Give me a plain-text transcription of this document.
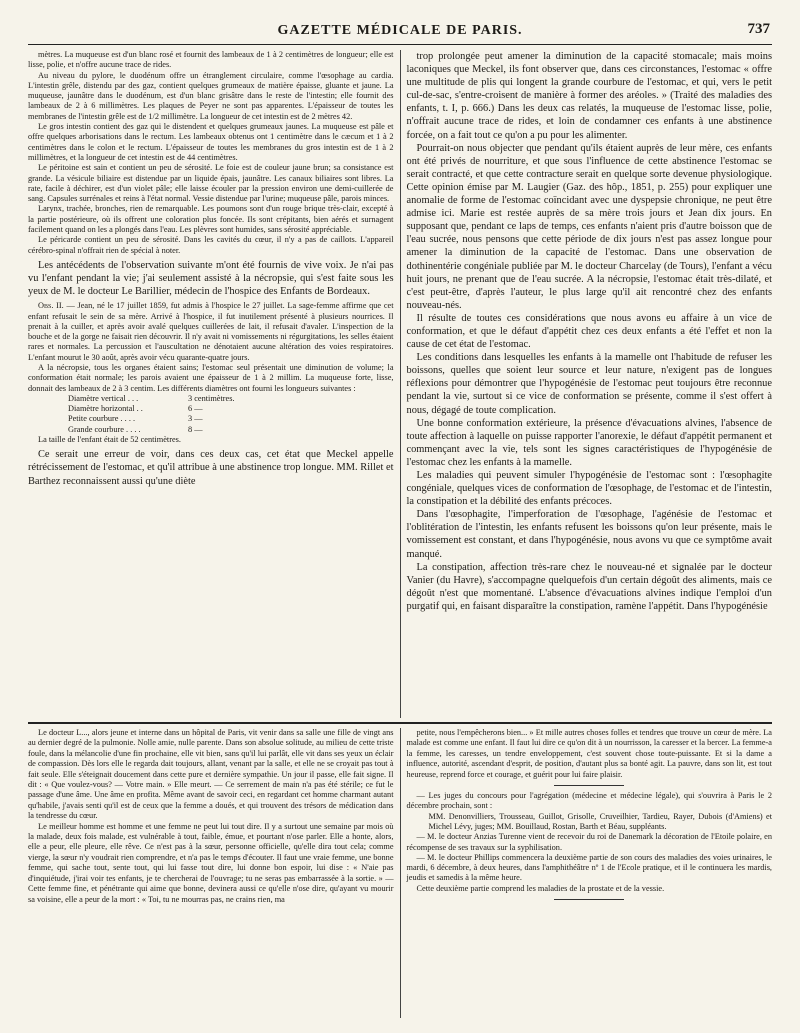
GAZETTE MÉDICALE DE PARIS.	737

mètres. La muqueuse est d'un blanc rosé et fournit des lambeaux de 1 à 2 centimètres de longueur; elle est lisse, polie, et n'offre aucune trace de rides.

Au niveau du pylore, le duodénum offre un étranglement circulaire, comme l'œsophage au cardia. L'intestin grêle, distendu par des gaz, contient quelques grumeaux de matière épaisse, gluante et jaune. La muqueuse, jaunâtre dans le duodénum, est d'un blanc grisâtre dans le reste de l'intestin; elle fournit des lambeaux de 2 à 6 millimètres. Les plaques de Peyer ne sont pas apparentes. L'épaisseur de toutes les membranes de l'intestin grêle est de 1/2 millimètre. La longueur de cet intestin est de 2 mètres 42.

Le gros intestin contient des gaz qui le distendent et quelques grumeaux jaunes. La muqueuse est pâle et offre quelques arborisations dans le rectum. Les lambeaux obtenus ont 1 centimètre dans le cæcum et 1 à 2 centimètres dans le colon et le rectum. L'épaisseur de toutes les membranes du gros intestin est de 1 à 2 millimètres, et la longueur de cet intestin est de 44 centimètres.

Le péritoine est sain et contient un peu de sérosité. Le foie est de couleur jaune brun; sa consistance est grande. La vésicule biliaire est distendue par un liquide épais, jaunâtre. Les canaux biliaires sont libres. La rate, facile à déchirer, est d'un violet pâle; elle laisse écouler par la pression environ une demi-cuillerée de sang. Capsules surrénales et reins à l'état normal. Vessie distendue par l'urine; muqueuse pâle, parois minces.

Larynx, trachée, bronches, rien de remarquable. Les poumons sont d'un rouge brique très-clair, excepté à la partie postérieure, où ils offrent une coloration plus foncée. Ils sont crépitants, bien aérés et surnagent facilement quand on les a plongés dans l'eau. Les plèvres sont humides, sans sérosité appréciable.

Le péricarde contient un peu de sérosité. Dans les cavités du cœur, il n'y a pas de caillots. L'appareil cérébro-spinal n'offrait rien de spécial à noter.

Les antécédents de l'observation suivante m'ont été fournis de vive voix. Je n'ai pas vu l'enfant pendant la vie; j'ai seulement assisté à la nécropsie, qui s'est faite sous les yeux de M. le docteur Le Barillier, médecin de l'hospice des Enfants de Bordeaux.

Obs. II. — Jean, né le 17 juillet 1859, fut admis à l'hospice le 27 juillet. La sage-femme affirme que cet enfant refusait le sein de sa mère. Arrivé à l'hospice, il fut inutilement présenté à plusieurs nourrices. Il prenait à la cuiller, et après avoir avalé quelques cuillerées de lait, il refusait d'avaler. L'inspection de la bouche et de la gorge ne faisait rien découvrir. Il n'y avait ni vomissements ni régurgitations, les selles étaient rares et normales. La percussion et l'auscultation ne dénotaient aucune altération des voies respiratoires. L'enfant mourut le 30 août, après avoir vécu quarante-quatre jours.

A la nécropsie, tous les organes étaient sains; l'estomac seul présentait une diminution de volume; la conformation était normale; les parois avaient une épaisseur de 1 à 2 millim. La muqueuse forte, lisse, donnait des lambeaux de 2 à 3 centim. Les différents diamètres ont fourni les longueurs suivantes :

Diamètre vertical . . .	3 centimètres.
Diamètre horizontal . .	6 —
Petite courbure . . . .	3 —
Grande courbure . . . .	8 —

La taille de l'enfant était de 52 centimètres.

Ce serait une erreur de voir, dans ces deux cas, cet état que Meckel appelle rétrécissement de l'estomac, et qu'il attribue à une abstinence trop longue. MM. Rillet et Barthez reconnaissent aussi qu'une diète

trop prolongée peut amener la diminution de la capacité stomacale; mais moins laconiques que Meckel, ils font observer que, dans ces circonstances, l'estomac « offre une multitude de plis qui longent la grande courbure de l'estomac, et qui, vers le petit cul-de-sac, s'entre-croisent de manière à former des aréoles. » (Traité des maladies des enfants, t. I, p. 666.) Dans les deux cas relatés, la muqueuse de l'estomac lisse, polie, n'offrait aucune trace de rides, et loin de condamner ces enfants à une abstinence forcée, on a fait tout ce qu'on a pu pour les alimenter.

Pourrait-on nous objecter que pendant qu'ils étaient auprès de leur mère, ces enfants ont été privés de nourriture, et que sous l'influence de cette abstinence l'estomac se serait contracté, et que cette contracture serait en quelque sorte devenue physiologique. Cette opinion émise par M. Laugier (Gaz. des hôp., 1851, p. 255) pour expliquer une anomalie de forme de l'estomac coïncidant avec une dyspepsie chronique, ne peut être admise ici. Marie est restée auprès de sa mère trois jours et Jean dix jours. En supposant que, pendant ce laps de temps, ces enfants n'aient pris d'autre boisson que de l'eau sucrée, nous pensons que cette période de dix jours n'est pas assez longue pour amener la diminution de la capacité de l'estomac. Dans une observation de dothinentérie congéniale publiée par M. le docteur Charcelay (de Tours), l'enfant a vécu huit jours, ne prenant que de l'eau sucrée. A la nécropsie, l'estomac était très-dilaté, et c'est peut-être, d'après l'auteur, le plus large qu'il ait rencontré chez des enfants nouveau-nés.

Il résulte de toutes ces considérations que nous avons eu affaire à un vice de conformation, et que le défaut d'appétit chez ces deux enfants a été l'effet et non la cause de cet état de l'estomac.

Les conditions dans lesquelles les enfants à la mamelle ont l'habitude de refuser les boissons, quelles que soient leur source et leur nature, n'exigent pas de longues réflexions pour démontrer que l'hypogénésie de l'estomac peut toujours être reconnue pendant la vie, surtout si ce vice de conformation se présente, comme il s'est offert à nous, dégagé de toute complication.

Une bonne conformation extérieure, la présence d'évacuations alvines, l'absence de toute affection à laquelle on puisse rapporter l'anorexie, le défaut d'appétit permanent et commençant avec la vie, tels sont les signes caractéristiques de l'hypogénésie de l'estomac chez les enfants à la mamelle.

Les maladies qui peuvent simuler l'hypogénésie de l'estomac sont : l'œsophagite congéniale, quelques vices de conformation de l'œsophage, de l'estomac et de l'intestin, la constipation et la débilité des enfants précoces.

Dans l'œsophagite, l'imperforation de l'œsophage, l'agénésie de l'estomac et l'oblitération de l'intestin, les enfants refusent les boissons qu'on leur présente, mais le vomissement est constant, et dans l'hypogénésie, nous avons vu que ce symptôme avait manqué.

La constipation, affection très-rare chez le nouveau-né et signalée par le docteur Vanier (du Havre), s'accompagne quelquefois d'un certain dégoût des aliments, mais ce dégoût n'est que momentané. L'absence d'évacuations alvines indique l'emploi d'un purgatif qui, en faisant disparaître la constipation, ramène l'appétit. Dans l'hypogénésie

Le docteur L..., alors jeune et interne dans un hôpital de Paris, vit venir dans sa salle une fille de vingt ans au dernier degré de la pulmonie. Nolle amie, nulle parente. Dans son absolue solitude, au milieu de cette triste foule, dans la mélancolie d'une fin prochaine, elle vit bien, sans qu'il lui parlât, elle vit dans ses yeux un éclair de compassion. Dès lors elle le regarda dait toujours, allant, venant par la salle, et elle ne se croyait pas tout à fait seule. Elle s'éteignait doucement dans cette pure et dernière sympathie. Un jour il passe, elle fait signe. Il dit : « Que voulez-vous? — Votre main. » Elle meurt. — Ce serrement de main n'a pas été stérile; ce fut le passage d'une âme. Une âme en profita. Même avant de savoir ceci, en regardant cet homme charmant autant qu'habile, j'avais senti qu'il est de ceux que la femme a doués, et qui trouvent des trésors de médication dans la tendresse du cœur.

Le meilleur homme est homme et une femme ne peut lui tout dire. Il y a surtout une semaine par mois où la malade, deux fois malade, est vulnérable à tout, faible, émue, et pourtant n'ose parler. Elle a honte, alors, elle a peur, elle pleure, elle rêve. Ce n'est pas à la sœur, personne officielle, qu'elle dira tout cela; comme vierge, la sœur n'y voudrait rien comprendre, et n'a pas le temps d'écouter. Il faut une vraie femme, une bonne femme, qui sache tout, sente tout, qui lui fasse tout dire, lui donne bon espoir, lui dise : « N'aie pas d'inquiétude, j'irai voir tes enfants, je te chercherai de l'ouvrage; tu ne seras pas embarrassée à la sortie. » — Cette femme fine, et pénétrante qui aime que bonne, devinera aussi ce qu'elle n'ose dire, qu'ayant vu mourir sa voisine, elle a peur de la mort : « Toi, tu ne mourras pas, ne crains rien, ma

petite, nous l'empêcherons bien... » Et mille autres choses folles et tendres que trouve un cœur de mère. La malade est comme une enfant. Il faut lui dire ce qu'on dit à un nourrisson, la caresser et la bercer. La femme-a la femme, les caresses, un tendre enveloppement, c'est souvent chose toute-puissante. Et si la dame a influence, autorité, ascendant d'esprit, de position, d'autant plus sa bonté agit. La pauvre, dans son lit, est tout heureuse, reprend force et courage, et guérit pour lui faire plaisir.

— Les juges du concours pour l'agrégation (médecine et médecine légale), qui s'ouvrira à Paris le 2 décembre prochain, sont :

MM. Denonvilliers, Trousseau, Guillot, Grisolle, Cruveilhier, Tardieu, Rayer, Dubois (d'Amiens) et Michel Lévy, juges; MM. Bouillaud, Rostan, Barth et Béau, suppléants.

— M. le docteur Anzias Turenne vient de recevoir du roi de Danemark la décoration de l'Etoile polaire, en récompense de ses travaux sur la syphilisation.

— M. le docteur Phillips commencera la deuxième partie de son cours des maladies des voies urinaires, le mardi, 6 décembre, à deux heures, dans l'amphithéâtre nº 1 de l'Ecole pratique, et il le continuera les mardis, jeudis et samedis à la même heure.

Cette deuxième partie comprend les maladies de la prostate et de la vessie.
